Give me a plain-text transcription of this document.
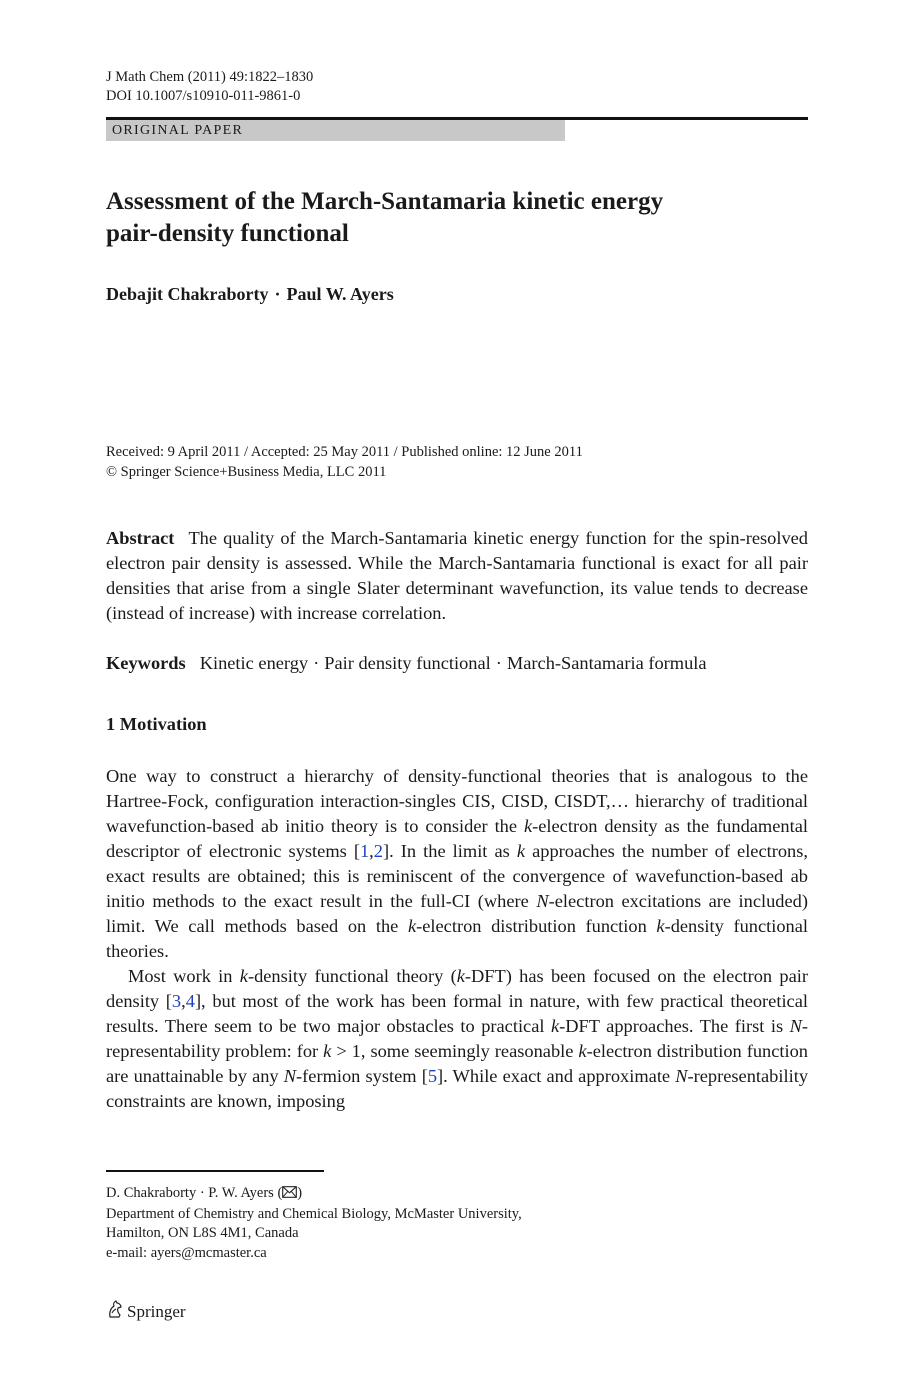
J Math Chem (2011) 49:1822–1830
DOI 10.1007/s10910-011-9861-0
ORIGINAL PAPER
Assessment of the March-Santamaria kinetic energy
pair-density functional
Debajit Chakraborty · Paul W. Ayers
Received: 9 April 2011 / Accepted: 25 May 2011 / Published online: 12 June 2011
© Springer Science+Business Media, LLC 2011

Abstract The quality of the March-Santamaria kinetic energy function for the spin-resolved electron pair density is assessed. While the March-Santamaria functional is exact for all pair densities that arise from a single Slater determinant wavefunction, its value tends to decrease (instead of increase) with increase correlation.

Keywords Kinetic energy · Pair density functional · March-Santamaria formula
1 Motivation

One way to construct a hierarchy of density-functional theories that is analogous to the Hartree-Fock, configuration interaction-singles CIS, CISD, CISDT,… hierarchy of traditional wavefunction-based ab initio theory is to consider the k-electron density as the fundamental descriptor of electronic systems [1,2]. In the limit as k approaches the number of electrons, exact results are obtained; this is reminiscent of the convergence of wavefunction-based ab initio methods to the exact result in the full-CI (where N-electron excitations are included) limit. We call methods based on the k-electron distribution function k-density functional theories.

Most work in k-density functional theory (k-DFT) has been focused on the electron pair density [3,4], but most of the work has been formal in nature, with few practical theoretical results. There seem to be two major obstacles to practical k-DFT approaches. The first is N-representability problem: for k > 1, some seemingly reasonable k-electron distribution function are unattainable by any N-fermion system [5]. While exact and approximate N-representability constraints are known, imposing

D. Chakraborty · P. W. Ayers ( )
Department of Chemistry and Chemical Biology, McMaster University,
Hamilton, ON L8S 4M1, Canada
e-mail: ayers@mcmaster.ca
Springer
